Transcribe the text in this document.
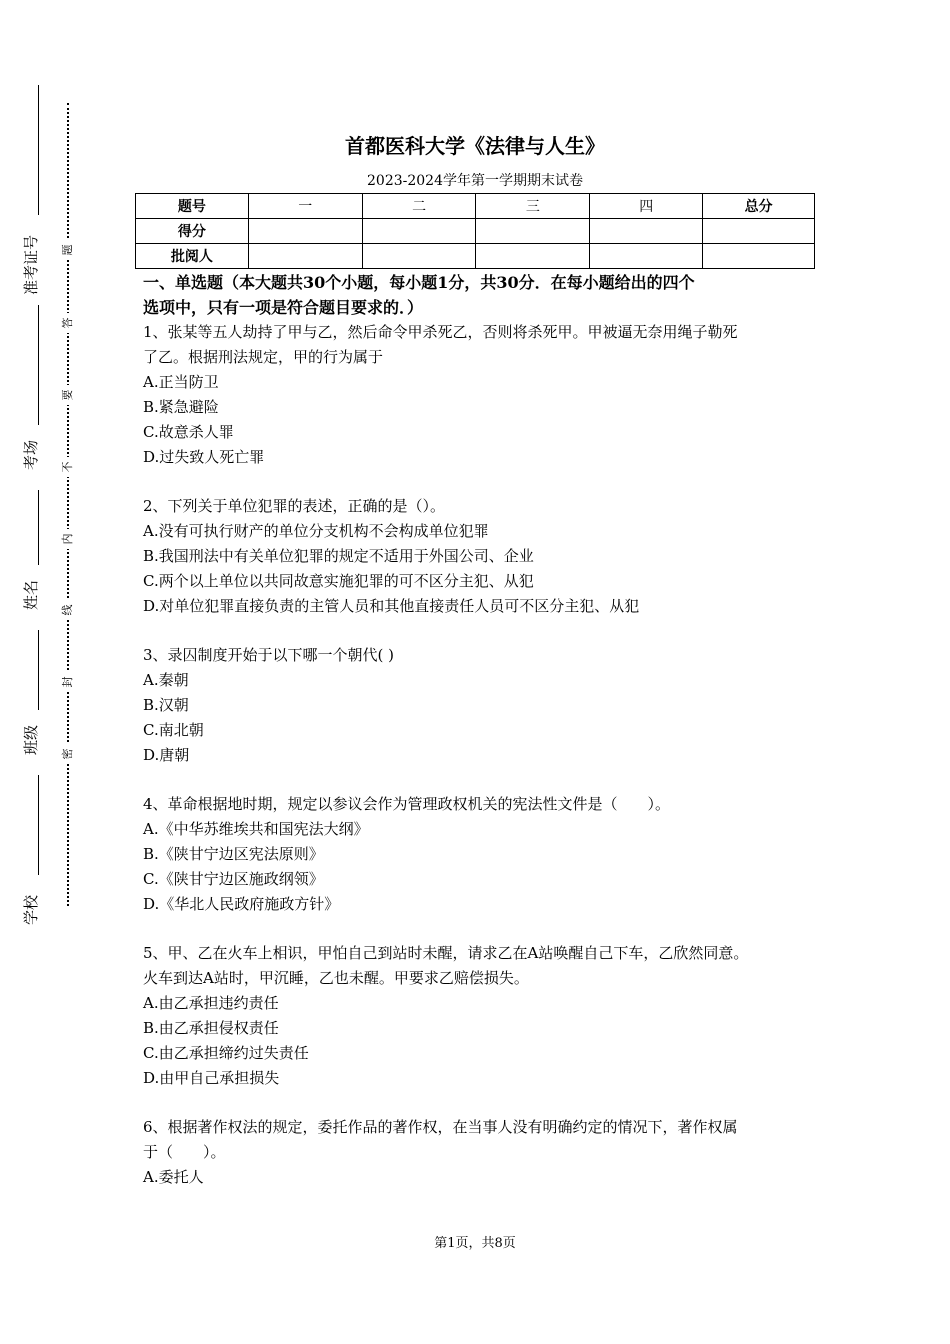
准考证号
考场
姓名
班级
学校
题
答
要
不
内
线
封
密
首都医科大学《法律与人生》
2023-2024学年第一学期期末试卷
题号	一	二	三	四	总分
得分					
批阅人					

一、单选题（本大题共30个小题，每小题1分，共30分．在每小题给出的四个

选项中，只有一项是符合题目要求的．）

1、张某等五人劫持了甲与乙，然后命令甲杀死乙，否则将杀死甲。甲被逼无奈用绳子勒死

了乙。根据刑法规定，甲的行为属于

A.正当防卫

B.紧急避险

C.故意杀人罪

D.过失致人死亡罪

2、下列关于单位犯罪的表述，正确的是（）。

A.没有可执行财产的单位分支机构不会构成单位犯罪

B.我国刑法中有关单位犯罪的规定不适用于外国公司、企业

C.两个以上单位以共同故意实施犯罪的可不区分主犯、从犯

D.对单位犯罪直接负责的主管人员和其他直接责任人员可不区分主犯、从犯

3、录囚制度开始于以下哪一个朝代( )

A.秦朝

B.汉朝

C.南北朝

D.唐朝

4、革命根据地时期，规定以参议会作为管理政权机关的宪法性文件是（　　）。

A.《中华苏维埃共和国宪法大纲》

B.《陕甘宁边区宪法原则》

C.《陕甘宁边区施政纲领》

D.《华北人民政府施政方针》

5、甲、乙在火车上相识，甲怕自己到站时未醒，请求乙在A站唤醒自己下车，乙欣然同意。

火车到达A站时，甲沉睡，乙也未醒。甲要求乙赔偿损失。

A.由乙承担违约责任

B.由乙承担侵权责任

C.由乙承担缔约过失责任

D.由甲自己承担损失

6、根据著作权法的规定，委托作品的著作权，在当事人没有明确约定的情况下，著作权属

于（　　）。

A.委托人

第1页，共8页
